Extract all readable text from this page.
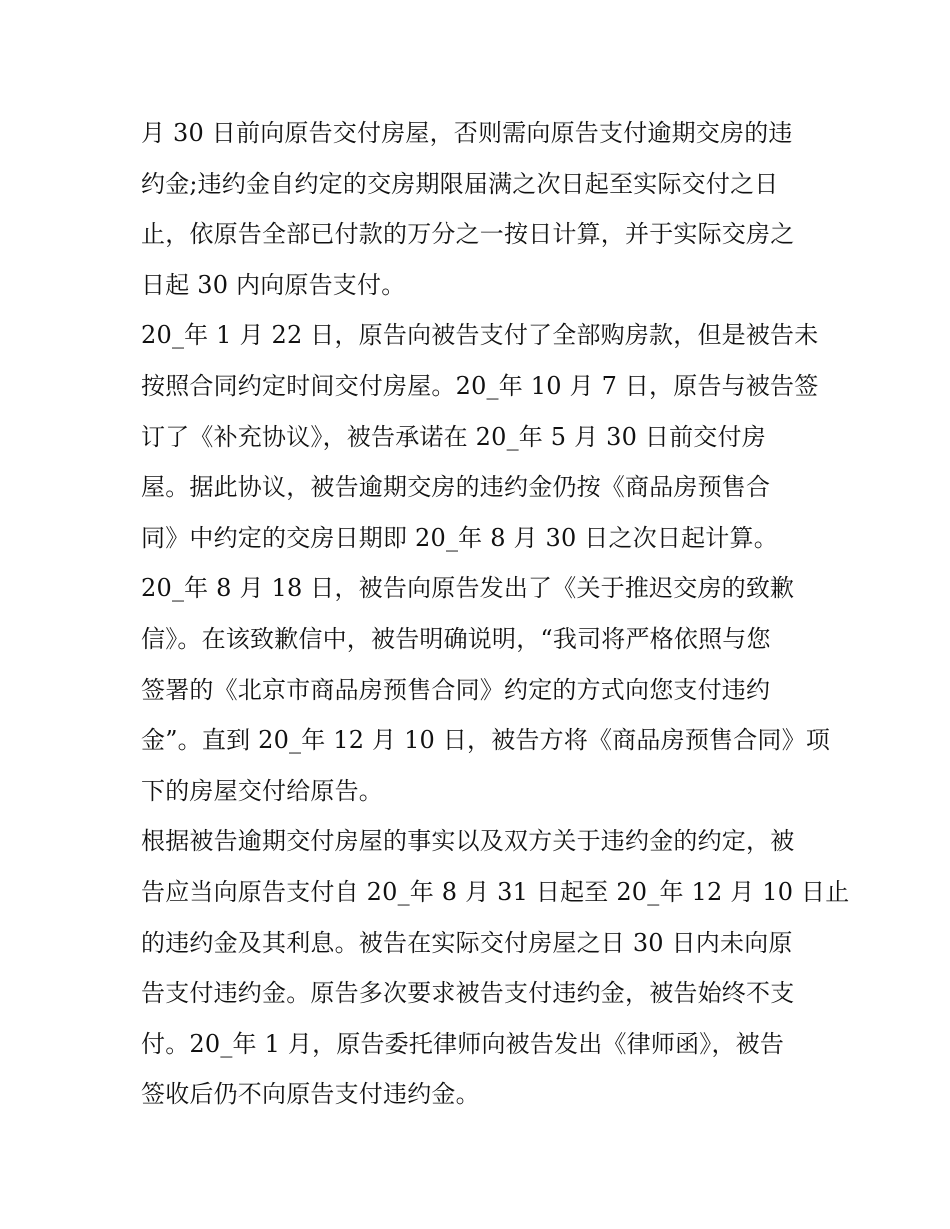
月 30 日前向原告交付房屋，否则需向原告支付逾期交房的违
约金;违约金自约定的交房期限届满之次日起至实际交付之日
止，依原告全部已付款的万分之一按日计算，并于实际交房之
日起 30 内向原告支付。
20_年 1 月 22 日，原告向被告支付了全部购房款，但是被告未
按照合同约定时间交付房屋。20_年 10 月 7 日，原告与被告签
订了《补充协议》，被告承诺在 20_年 5 月 30 日前交付房
屋。据此协议，被告逾期交房的违约金仍按《商品房预售合
同》中约定的交房日期即 20_年 8 月 30 日之次日起计算。
20_年 8 月 18 日，被告向原告发出了《关于推迟交房的致歉
信》。在该致歉信中，被告明确说明，“我司将严格依照与您
签署的《北京市商品房预售合同》约定的方式向您支付违约
金”。直到 20_年 12 月 10 日，被告方将《商品房预售合同》项
下的房屋交付给原告。
根据被告逾期交付房屋的事实以及双方关于违约金的约定，被
告应当向原告支付自 20_年 8 月 31 日起至 20_年 12 月 10 日止
的违约金及其利息。被告在实际交付房屋之日 30 日内未向原
告支付违约金。原告多次要求被告支付违约金，被告始终不支
付。20_年 1 月，原告委托律师向被告发出《律师函》，被告
签收后仍不向原告支付违约金。
